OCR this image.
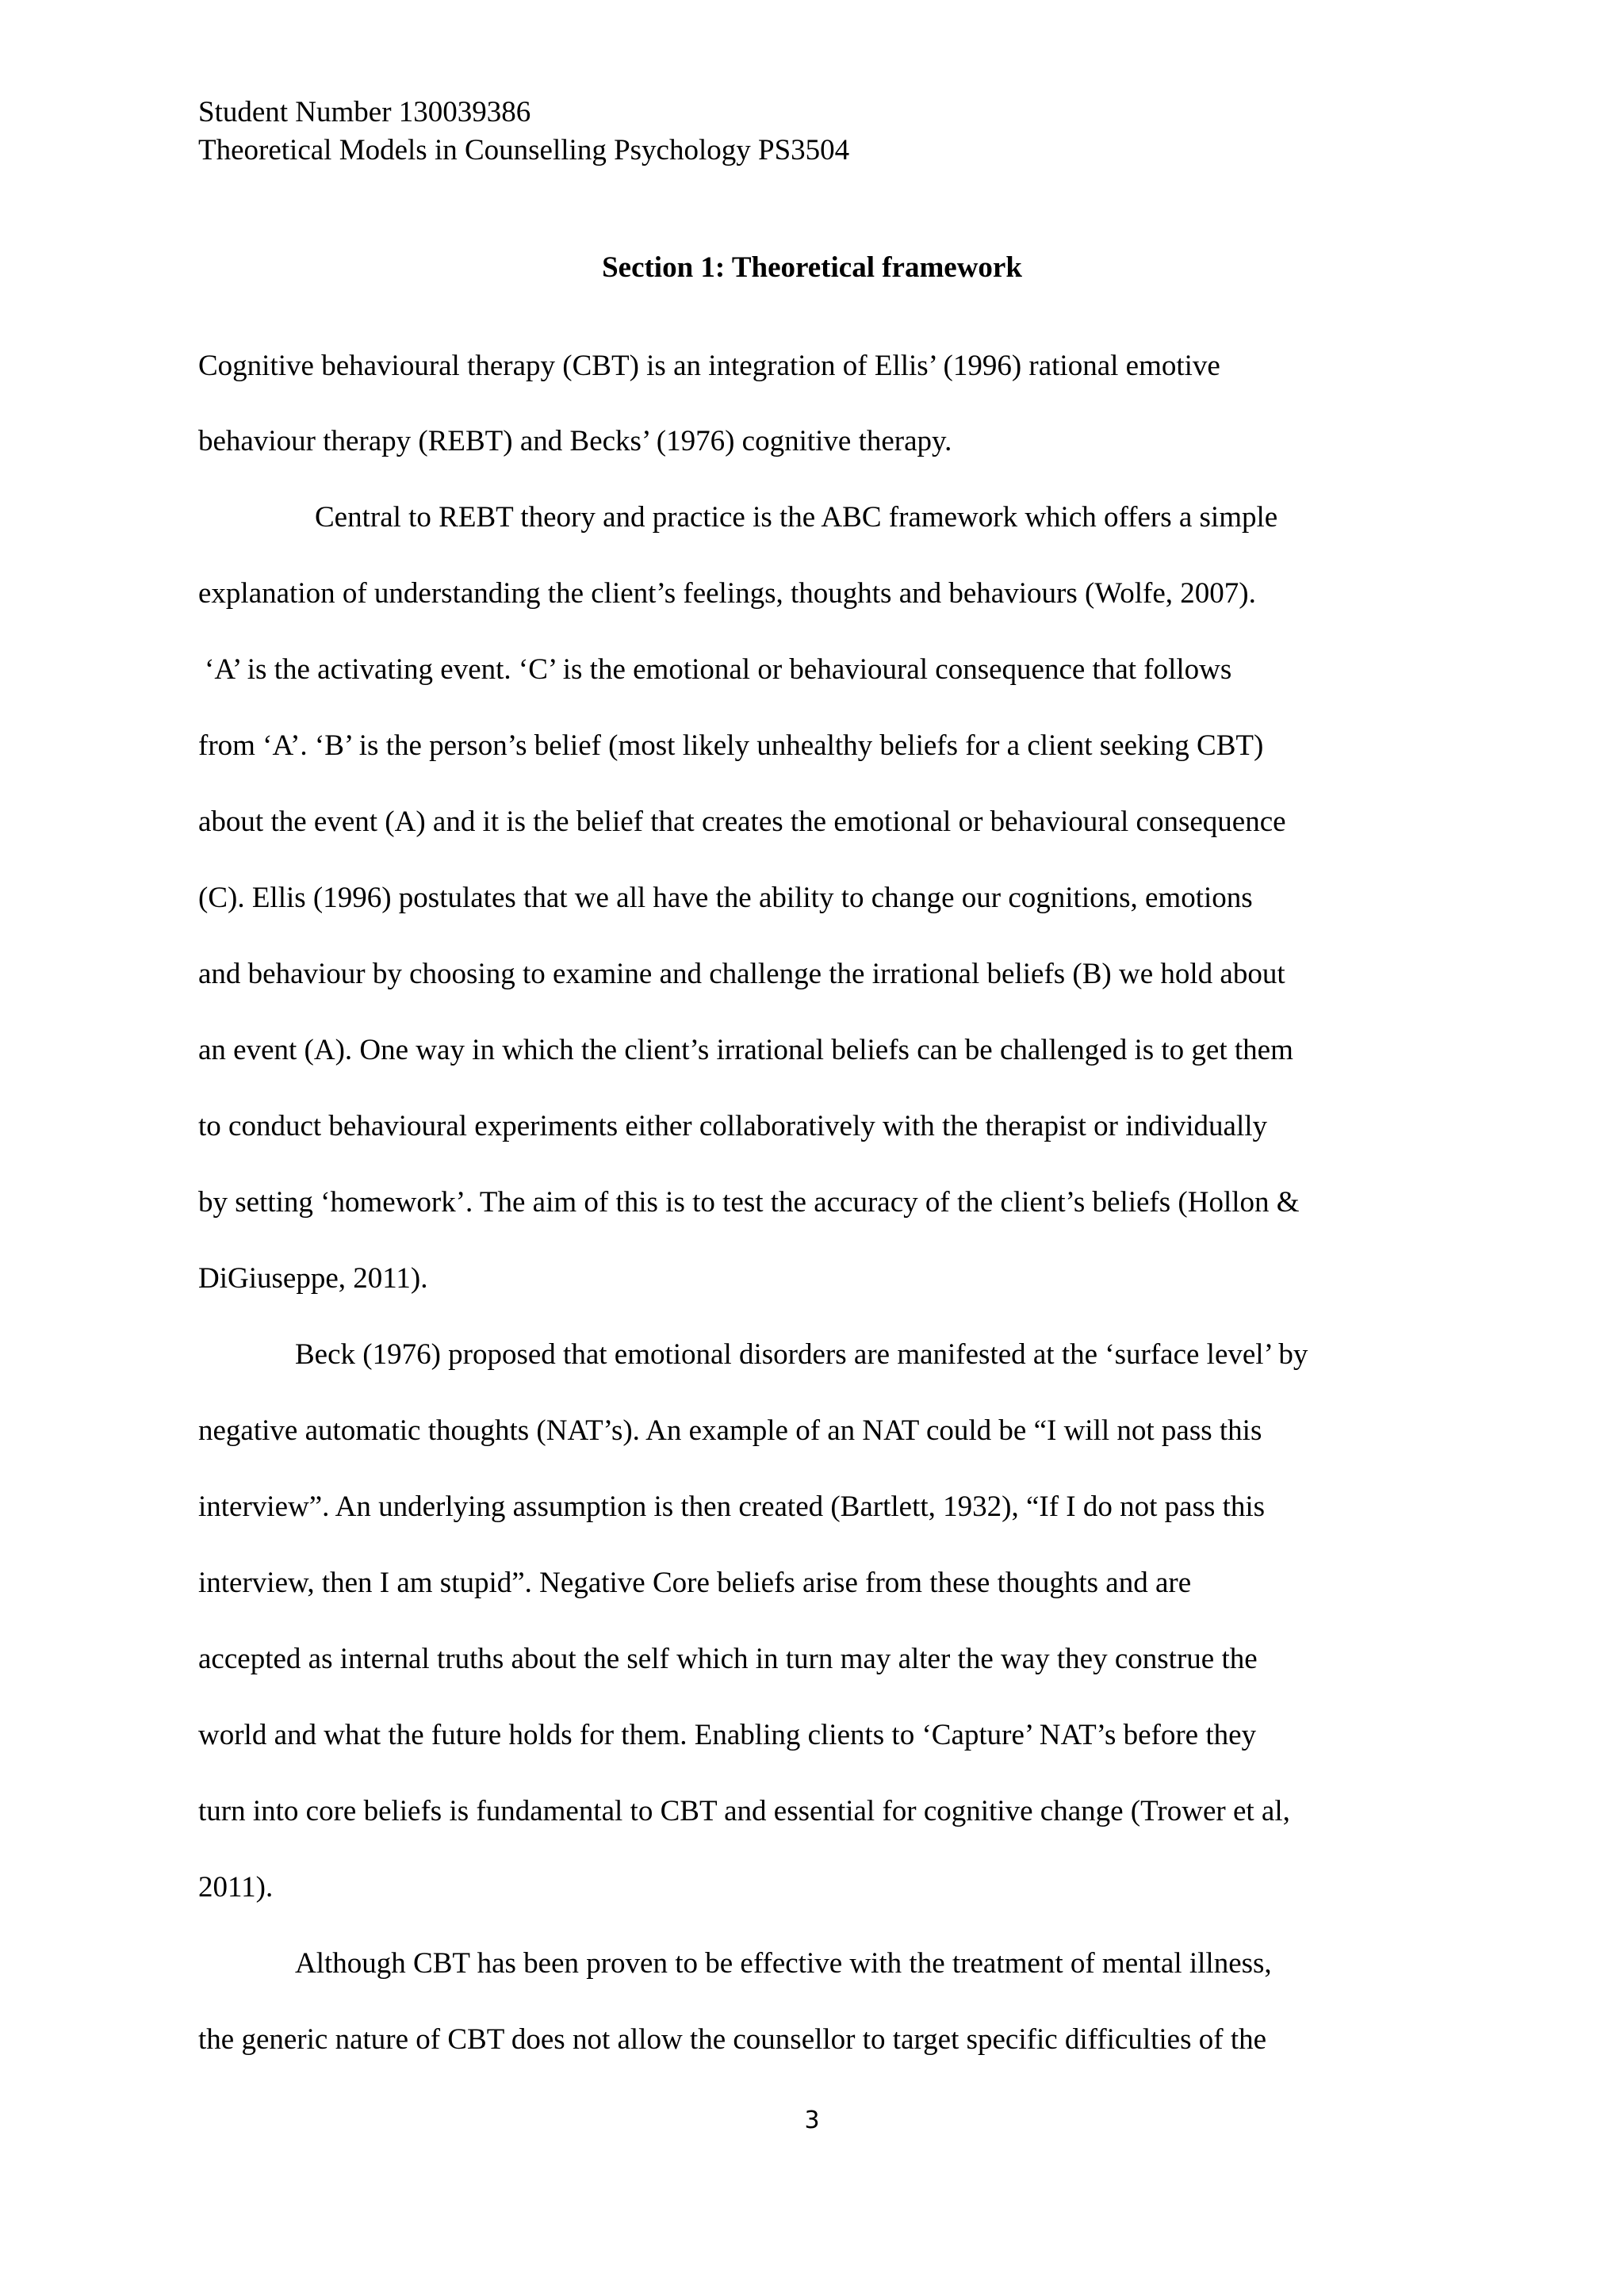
Student Number 130039386
Theoretical Models in Counselling Psychology PS3504
Section 1: Theoretical framework
Cognitive behavioural therapy (CBT) is an integration of Ellis’ (1996) rational emotive
behaviour therapy (REBT) and Becks’ (1976) cognitive therapy.
Central to REBT theory and practice is the ABC framework which offers a simple
explanation of understanding the client’s feelings, thoughts and behaviours (Wolfe, 2007).
‘A’ is the activating event. ‘C’ is the emotional or behavioural consequence that follows
from ‘A’. ‘B’ is the person’s belief (most likely unhealthy beliefs for a client seeking CBT)
about the event (A) and it is the belief that creates the emotional or behavioural consequence
(C). Ellis (1996) postulates that we all have the ability to change our cognitions, emotions
and behaviour by choosing to examine and challenge the irrational beliefs (B) we hold about
an event (A). One way in which the client’s irrational beliefs can be challenged is to get them
to conduct behavioural experiments either collaboratively with the therapist or individually
by setting ‘homework’. The aim of this is to test the accuracy of the client’s beliefs (Hollon &
DiGiuseppe, 2011).
Beck (1976) proposed that emotional disorders are manifested at the ‘surface level’ by
negative automatic thoughts (NAT’s). An example of an NAT could be “I will not pass this
interview”. An underlying assumption is then created (Bartlett, 1932), “If I do not pass this
interview, then I am stupid”. Negative Core beliefs arise from these thoughts and are
accepted as internal truths about the self which in turn may alter the way they construe the
world and what the future holds for them. Enabling clients to ‘Capture’ NAT’s before they
turn into core beliefs is fundamental to CBT and essential for cognitive change (Trower et al,
2011).
Although CBT has been proven to be effective with the treatment of mental illness,
the generic nature of CBT does not allow the counsellor to target specific difficulties of the
3
